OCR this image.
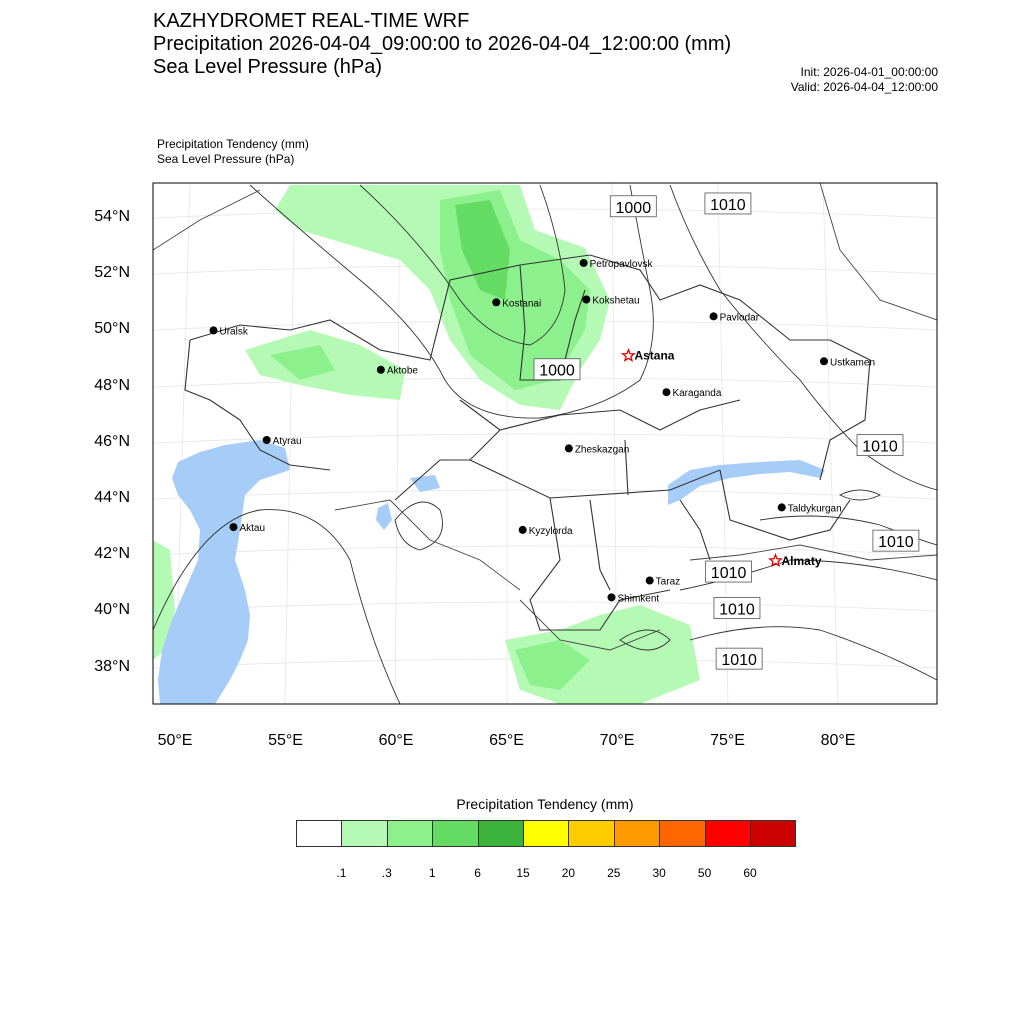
KAZHYDROMET REAL-TIME WRF
Precipitation 2026-04-04_09:00:00 to 2026-04-04_12:00:00 (mm)
Sea Level Pressure (hPa)	Init: 2026-04-01_00:00:00
Valid: 2026-04-04_12:00:00
Precipitation Tendency (mm)
Sea Level Pressure (hPa)
1000	1010
1000
1010
1010
1010
1010
1010
Petropavlovsk
Kostanai	Kokshetau
Pavlodar
Uralsk
Astana
Ustkamen
Aktobe
Karaganda
Atyrau
Zheskazgan
Aktau	Kyzylorda
Taldykurgan
Almaty
Taraz
Shimkent
54°N
52°N
50°N
48°N
46°N
44°N
42°N
40°N
38°N
50°E	55°E	60°E	65°E	70°E	75°E	80°E
Precipitation Tendency (mm)
.1	.3	1	6	15	20	25	30	50	60
